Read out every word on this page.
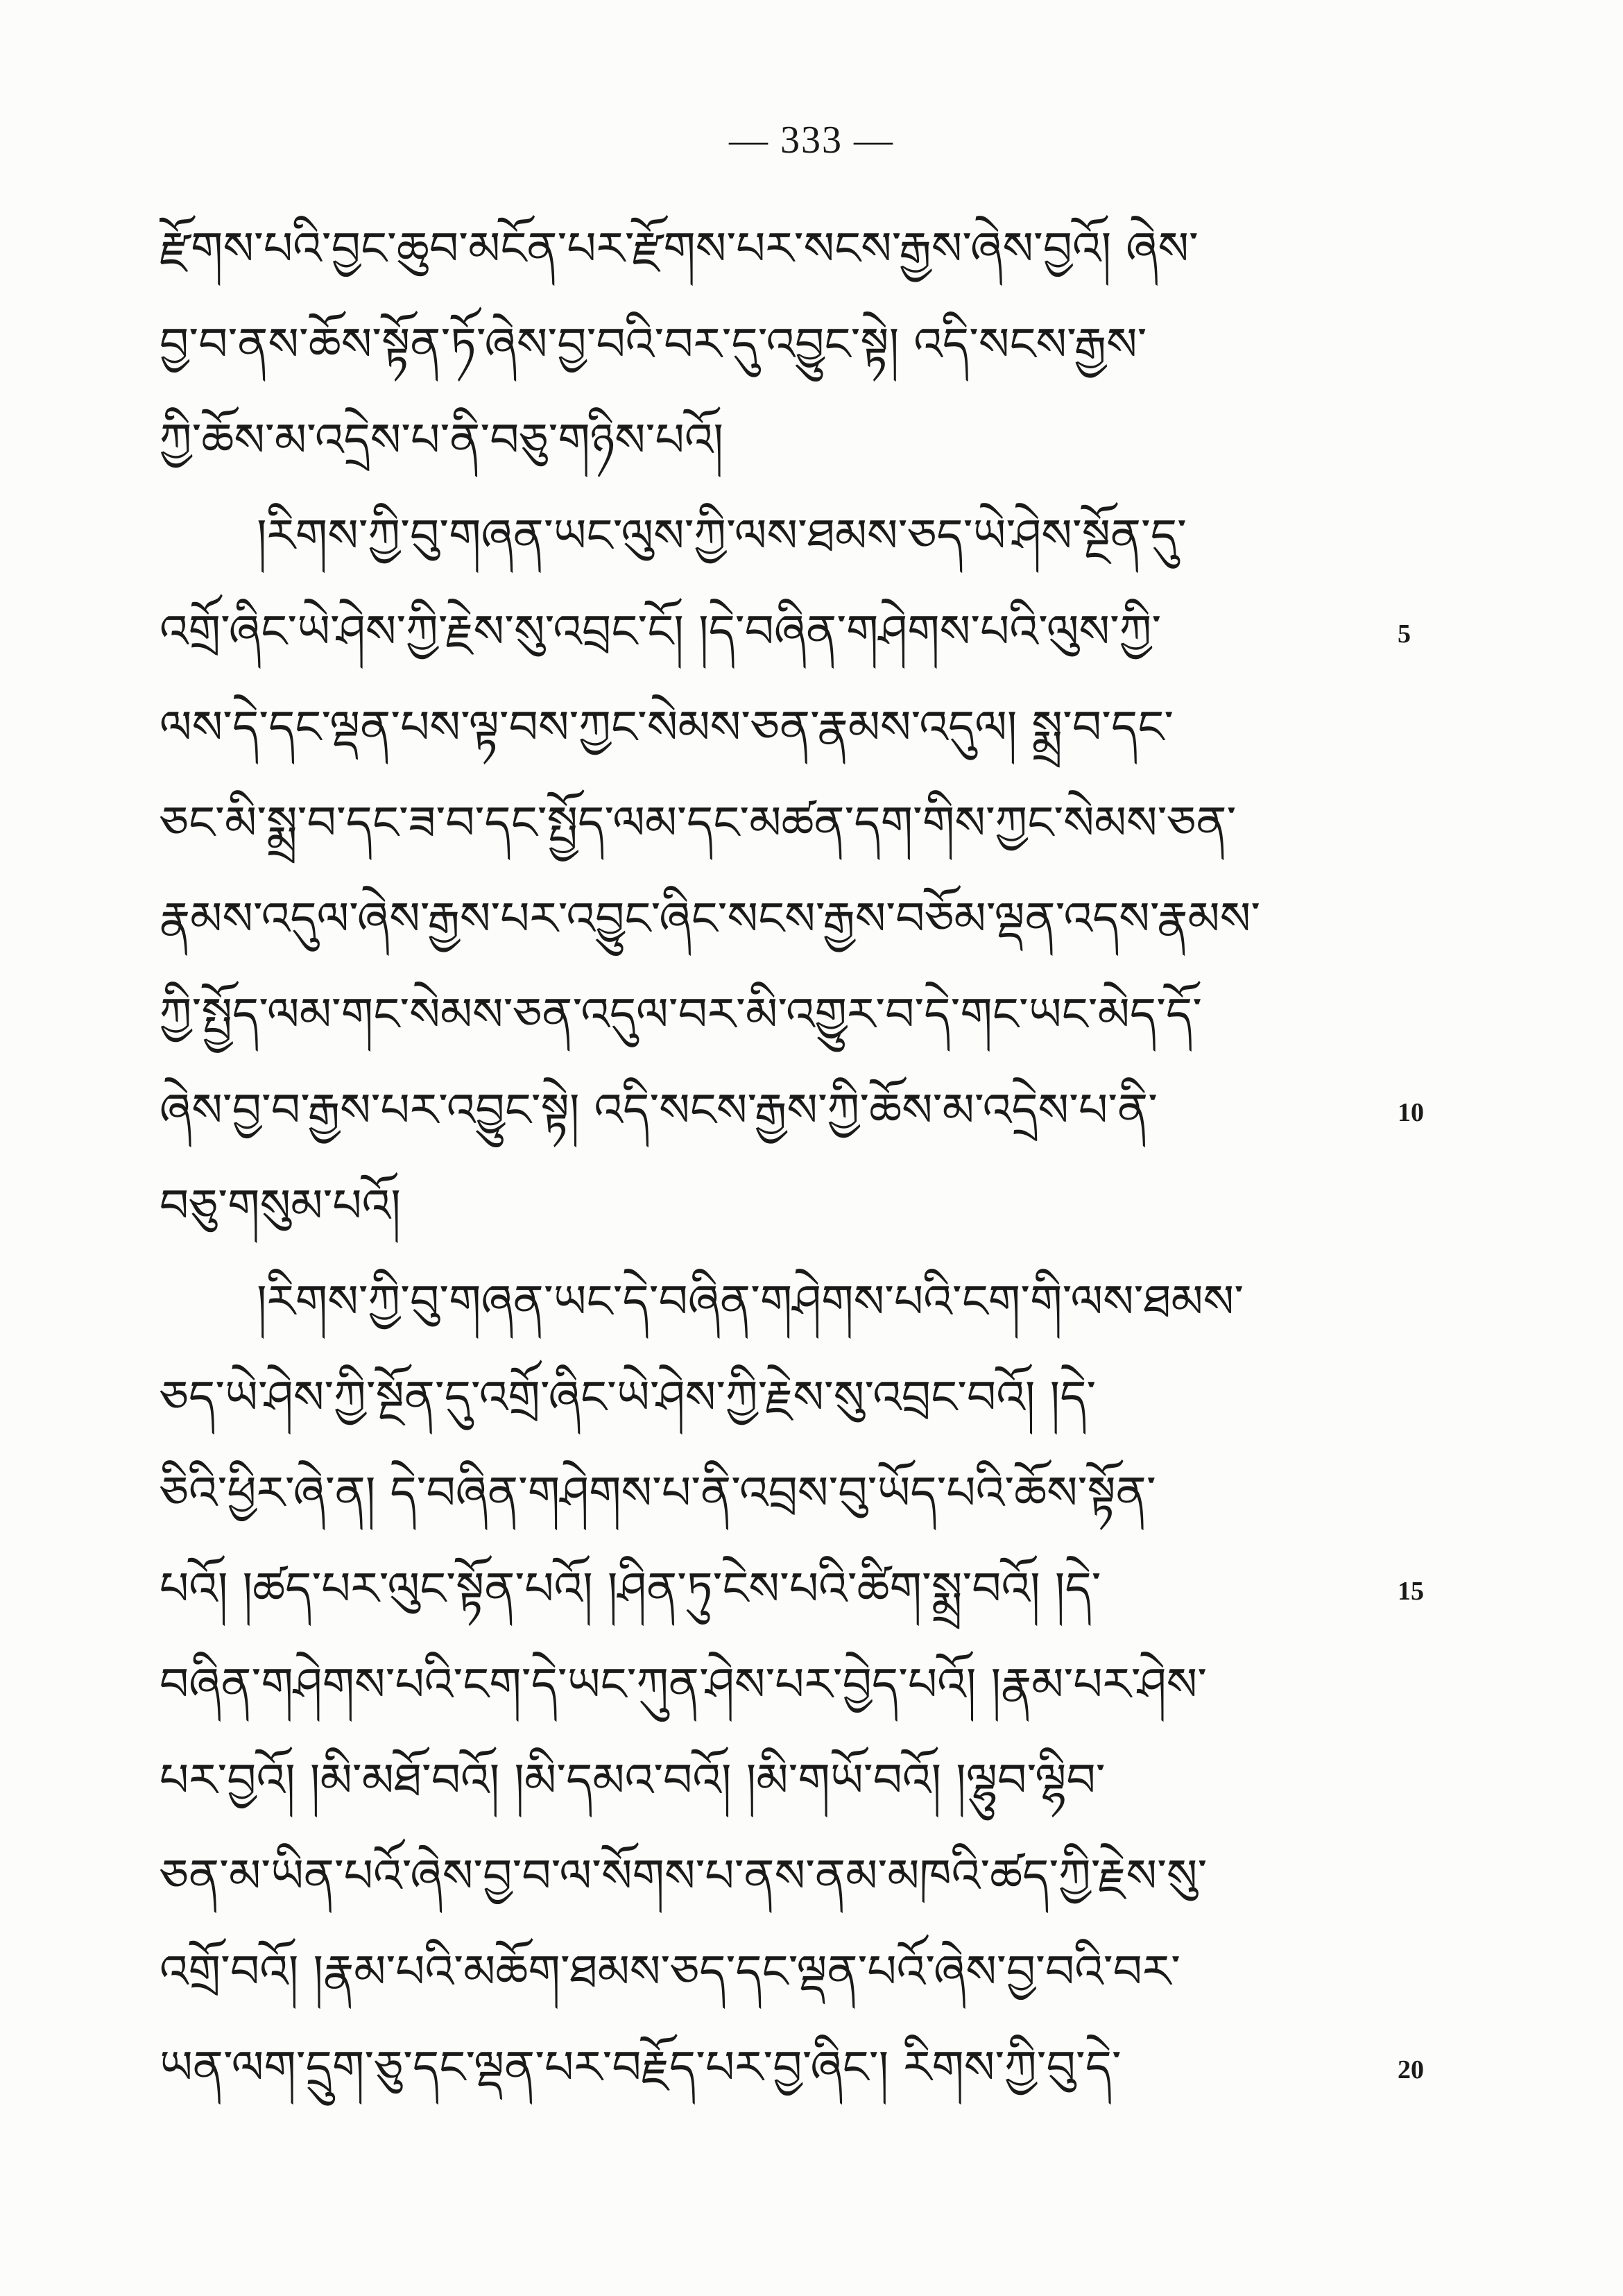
— 333 —
རྫོགས་པའི་བྱང་ཆུབ་མངོན་པར་རྫོགས་པར་སངས་རྒྱས་ཞེས་བྱའོ། ཞེས་
བྱ་བ་ནས་ཆོས་སྟོན་ཏོ་ཞེས་བྱ་བའི་བར་དུ་འབྱུང་སྟེ། འདི་སངས་རྒྱས་
ཀྱི་ཆོས་མ་འདྲེས་པ་ནི་བཅུ་གཉིས་པའོ།
།རིགས་ཀྱི་བུ་གཞན་ཡང་ལུས་ཀྱི་ལས་ཐམས་ཅད་ཡེ་ཤེས་སྔོན་དུ་
འགྲོ་ཞིང་ཡེ་ཤེས་ཀྱི་རྗེས་སུ་འབྲང་ངོ། །དེ་བཞིན་གཤེགས་པའི་ལུས་ཀྱི་
ལས་དེ་དང་ལྡན་པས་ལྟ་བས་ཀྱང་སེམས་ཅན་རྣམས་འདུལ། སྨྲ་བ་དང་
ཅང་མི་སྨྲ་བ་དང་ཟ་བ་དང་སྤྱོད་ལམ་དང་མཚན་དག་གིས་ཀྱང་སེམས་ཅན་
རྣམས་འདུལ་ཞེས་རྒྱས་པར་འབྱུང་ཞིང་སངས་རྒྱས་བཅོམ་ལྡན་འདས་རྣམས་
ཀྱི་སྤྱོད་ལམ་གང་སེམས་ཅན་འདུལ་བར་མི་འགྱུར་བ་དེ་གང་ཡང་མེད་དོ་
ཞེས་བྱ་བ་རྒྱས་པར་འབྱུང་སྟེ། འདི་སངས་རྒྱས་ཀྱི་ཆོས་མ་འདྲེས་པ་ནི་
བཅུ་གསུམ་པའོ།
།རིགས་ཀྱི་བུ་གཞན་ཡང་དེ་བཞིན་གཤེགས་པའི་ངག་གི་ལས་ཐམས་
ཅད་ཡེ་ཤེས་ཀྱི་སྔོན་དུ་འགྲོ་ཞིང་ཡེ་ཤེས་ཀྱི་རྗེས་སུ་འབྲང་བའོ། །དེ་
ཅིའི་ཕྱིར་ཞེ་ན། དེ་བཞིན་གཤེགས་པ་ནི་འབྲས་བུ་ཡོད་པའི་ཆོས་སྟོན་
པའོ། །ཚད་པར་ལུང་སྟོན་པའོ། །ཤིན་ཏུ་ངེས་པའི་ཚིག་སྨྲ་བའོ། །དེ་
བཞིན་གཤེགས་པའི་ངག་དེ་ཡང་ཀུན་ཤེས་པར་བྱེད་པའོ། །རྣམ་པར་ཤེས་
པར་བྱའོ། །མི་མཐོ་བའོ། །མི་དམའ་བའོ། །མི་གཡོ་བའོ། །ལྷུབ་ལྷིབ་
ཅན་མ་ཡིན་པའོ་ཞེས་བྱ་བ་ལ་སོགས་པ་ནས་ནམ་མཁའི་ཚད་ཀྱི་རྗེས་སུ་
འགྲོ་བའོ། །རྣམ་པའི་མཆོག་ཐམས་ཅད་དང་ལྡན་པའོ་ཞེས་བྱ་བའི་བར་
ཡན་ལག་དྲུག་ཅུ་དང་ལྡན་པར་བརྗོད་པར་བྱ་ཞིང་། རིགས་ཀྱི་བུ་དེ་
5
10
15
20
